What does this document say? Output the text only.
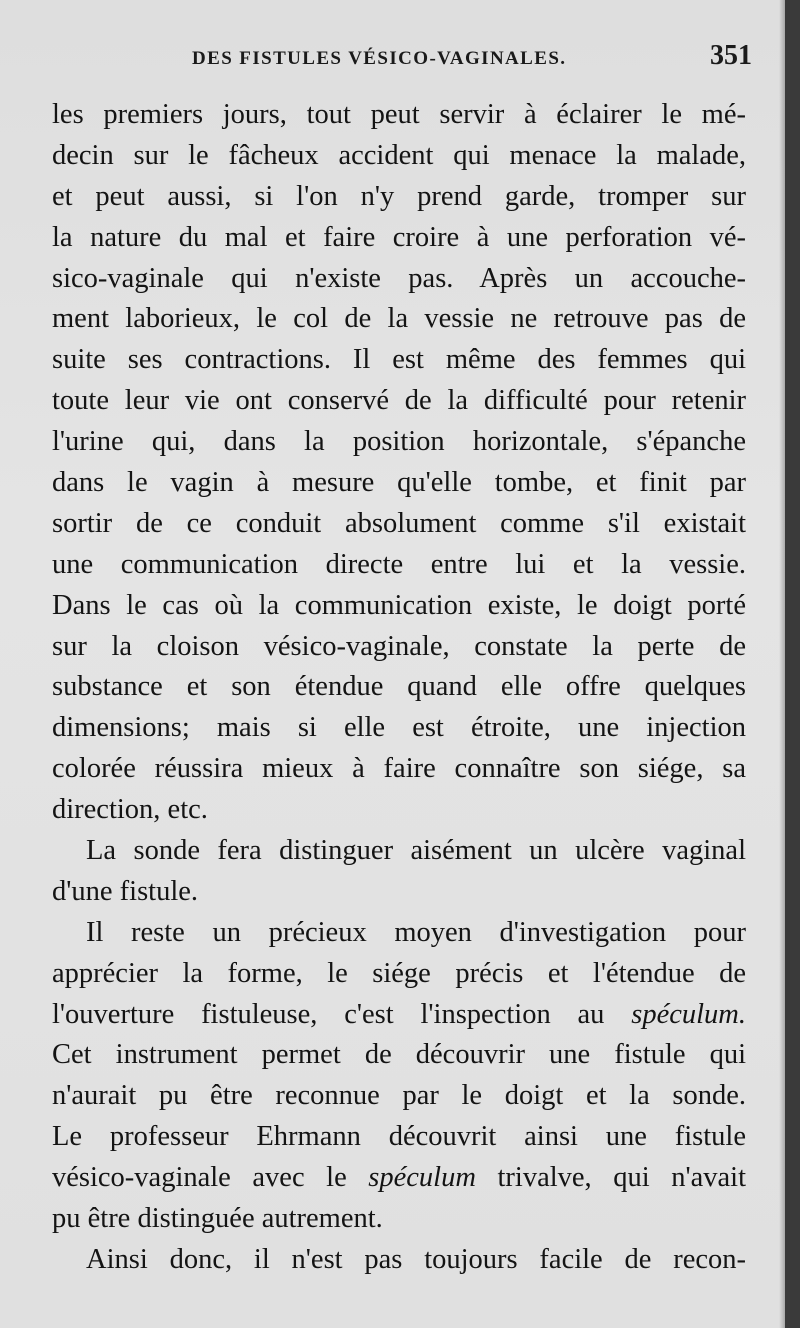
DES FISTULES VÉSICO-VAGINALES.	351
les premiers jours, tout peut servir à éclairer le mé-
decin sur le fâcheux accident qui menace la malade,
et peut aussi, si l'on n'y prend garde, tromper sur
la nature du mal et faire croire à une perforation vé-
sico-vaginale qui n'existe pas. Après un accouche-
ment laborieux, le col de la vessie ne retrouve pas de
suite ses contractions. Il est même des femmes qui
toute leur vie ont conservé de la difficulté pour retenir
l'urine qui, dans la position horizontale, s'épanche
dans le vagin à mesure qu'elle tombe, et finit par
sortir de ce conduit absolument comme s'il existait
une communication directe entre lui et la vessie.
Dans le cas où la communication existe, le doigt porté
sur la cloison vésico-vaginale, constate la perte de
substance et son étendue quand elle offre quelques
dimensions; mais si elle est étroite, une injection
colorée réussira mieux à faire connaître son siége, sa
direction, etc.
La sonde fera distinguer aisément un ulcère vaginal
d'une fistule.
Il reste un précieux moyen d'investigation pour
apprécier la forme, le siége précis et l'étendue de
l'ouverture fistuleuse, c'est l'inspection au spéculum.
Cet instrument permet de découvrir une fistule qui
n'aurait pu être reconnue par le doigt et la sonde.
Le professeur Ehrmann découvrit ainsi une fistule
vésico-vaginale avec le spéculum trivalve, qui n'avait
pu être distinguée autrement.
Ainsi donc, il n'est pas toujours facile de recon-
